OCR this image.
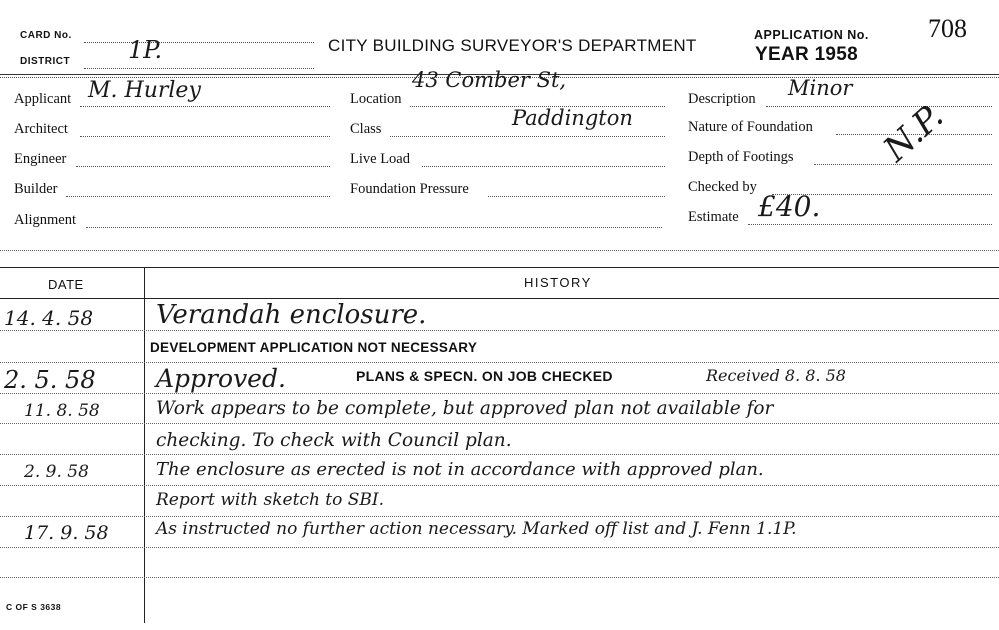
CARD No.
DISTRICT 1P.	CITY BUILDING SURVEYOR'S DEPARTMENT
APPLICATION No. 708
YEAR 1958
Applicant M. Hurley
Architect
Engineer
Builder
Alignment
Location
43 Comber St,
Paddington
Class
Live Load
Foundation Pressure
Description Minor
Nature of Foundation
Depth of Footings
Checked by
N.P.
Estimate £40.
DATE	HISTORY
14. 4. 58 Verandah enclosure.
DEVELOPMENT APPLICATION NOT NECESSARY
2. 5. 58 Approved.	PLANS & SPECN. ON JOB CHECKED	Received 8. 8. 58
11. 8. 58	Work appears to be complete, but approved plan not available for
checking. To check with Council plan.
2. 9. 58	The enclosure as erected is not in accordance with approved plan.
Report with sketch to SBI.
17. 9. 58	As instructed no further action necessary. Marked off list and J. Fenn 1.1P.
C OF S 3638
